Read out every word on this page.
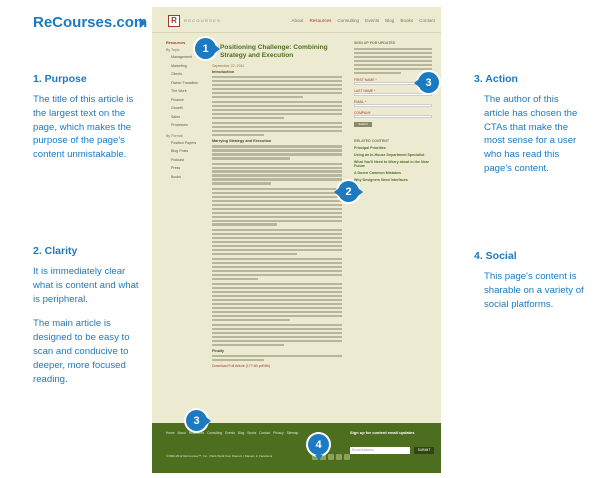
ReCourses.com
1. Purpose

The title of this article is the largest text on the page, which makes the purpose of the page's content unmistakable.

2. Clarity

It is immediately clear what is content and what is peripheral.

The main article is designed to be easy to scan and conducive to deeper, more focused reading.

3. Action

The author of this article has chosen the CTAs that make the most sense for a user who has read this page's content.

4. Social

This page's content is sharable on a variety of social platforms.

R	RECOURSES	About Resources Consulting Events Blog Books Contact
Resources
By Topic
Management
Marketing
Clients
Owner Transition
The Work
Finance
Growth
Sales
Processes
By Format
Position Papers
Blog Posts
Podcast
Press
Books
Positioning Challenge: Combining Strategy and Execution
September 22, 2011
Introduction
Marrying Strategy and Execution
Finally
Download Full Article (177 kB pdf file)
SIGN UP FOR UPDATES
FIRST NAME *
LAST NAME *
EMAIL *
COMPANY
Submit
RELATED CONTENT
Principal Priorities
Using an In-House Department Specialist
What You'll Need to Worry about in the Near Future
A Dozen Common Mistakes
Why Designers Need Interfaces
Home About Resources Consulting Events Blog Books Contact Privacy Sitemap
©1996-2012 ReCourses™, Inc. | Web Work from Dianem | Dianem in Facebook
Sign up for content email updates
Email Address	SUBMIT
1
2
3
3
4
